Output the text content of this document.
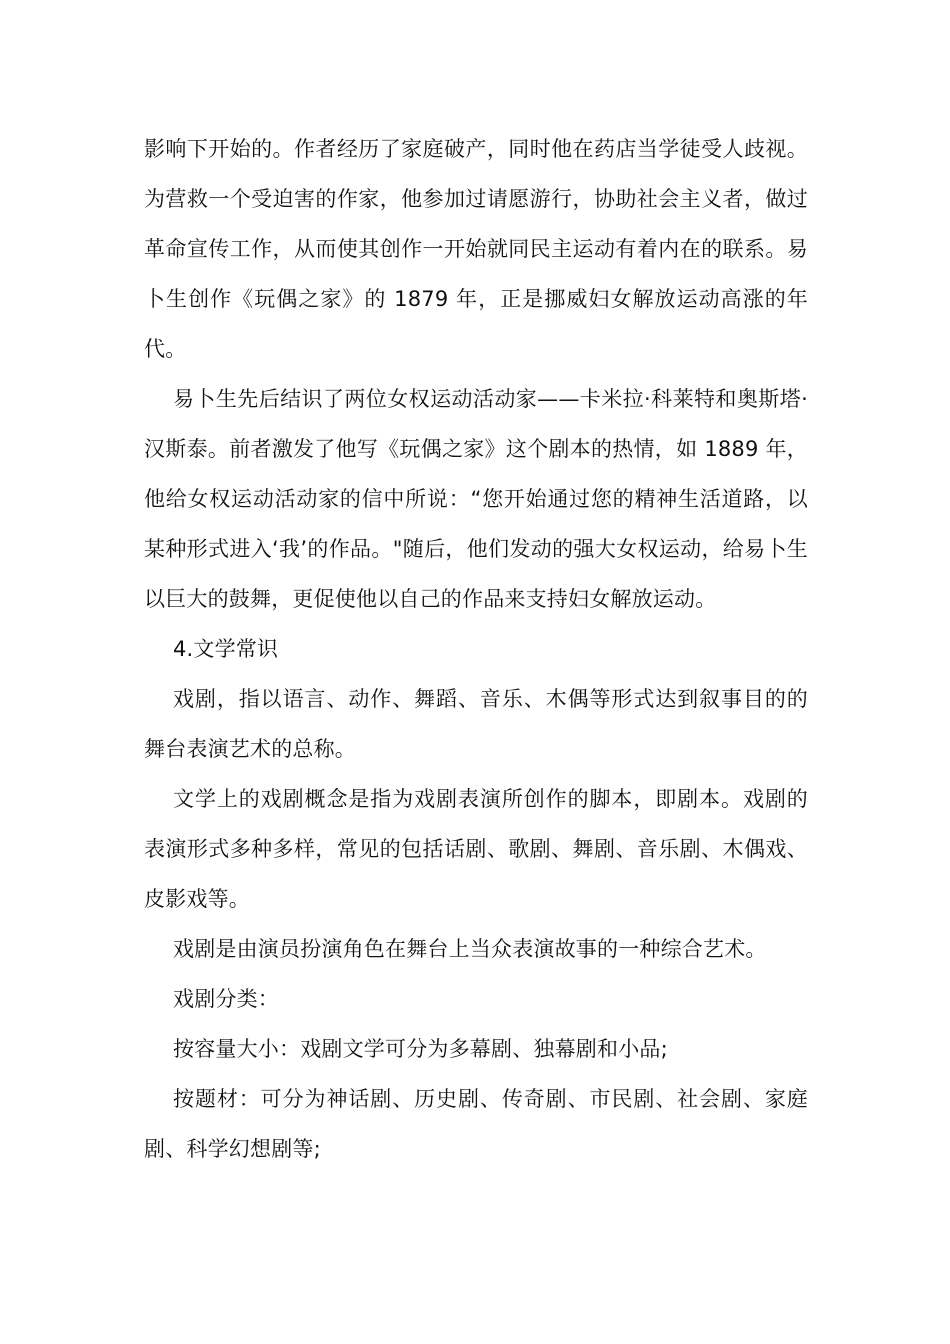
影响下开始的。作者经历了家庭破产，同时他在药店当学徒受人歧视。为营救一个受迫害的作家，他参加过请愿游行，协助社会主义者，做过革命宣传工作，从而使其创作一开始就同民主运动有着内在的联系。易卜生创作《玩偶之家》的 1879 年，正是挪威妇女解放运动高涨的年代。

易卜生先后结识了两位女权运动活动家——卡米拉·科莱特和奥斯塔·汉斯泰。前者激发了他写《玩偶之家》这个剧本的热情，如 1889 年，他给女权运动活动家的信中所说：“您开始通过您的精神生活道路，以某种形式进入‘我’的作品。"随后，他们发动的强大女权运动，给易卜生以巨大的鼓舞，更促使他以自己的作品来支持妇女解放运动。

4.文学常识

戏剧，指以语言、动作、舞蹈、音乐、木偶等形式达到叙事目的的舞台表演艺术的总称。

文学上的戏剧概念是指为戏剧表演所创作的脚本，即剧本。戏剧的表演形式多种多样，常见的包括话剧、歌剧、舞剧、音乐剧、木偶戏、皮影戏等。

戏剧是由演员扮演角色在舞台上当众表演故事的一种综合艺术。

戏剧分类：

按容量大小：戏剧文学可分为多幕剧、独幕剧和小品;

按题材：可分为神话剧、历史剧、传奇剧、市民剧、社会剧、家庭剧、科学幻想剧等;
